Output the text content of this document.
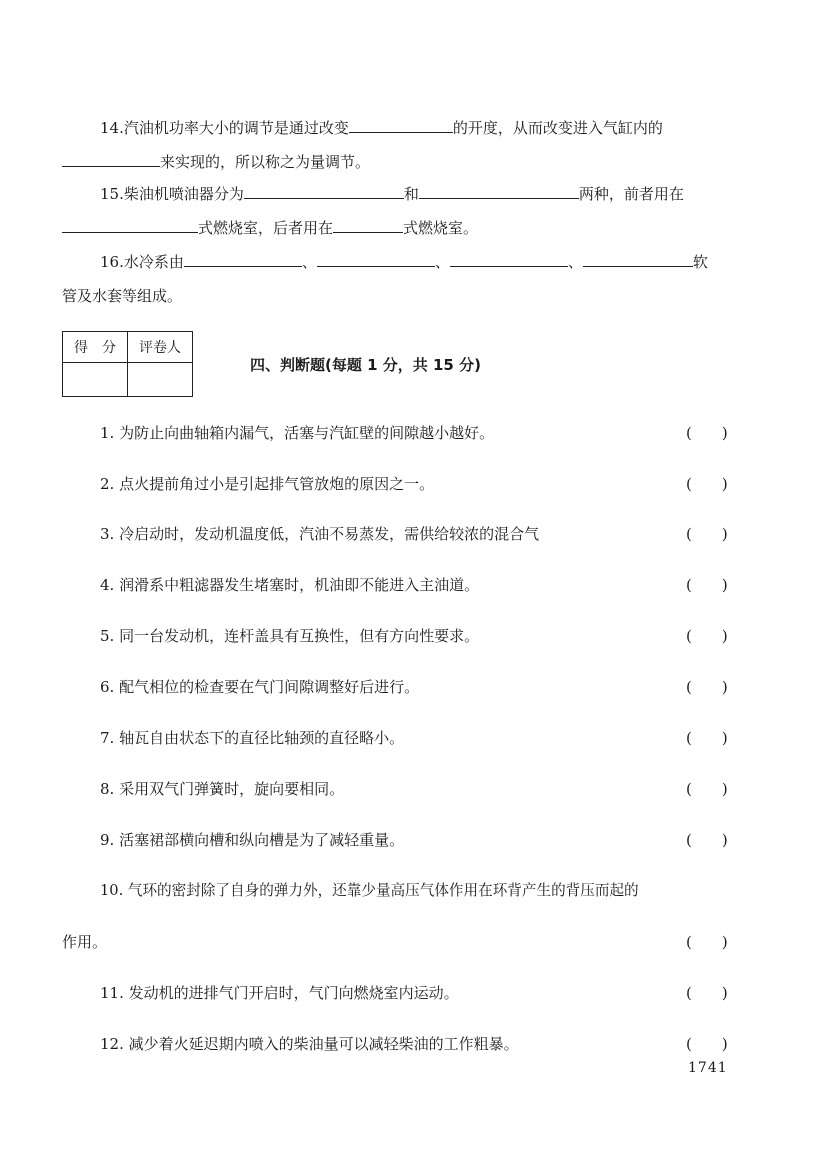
14.汽油机功率大小的调节是通过改变	的开度，从而改变进入气缸内的
来实现的，所以称之为量调节。
15.柴油机喷油器分为	和	两种，前者用在
式燃烧室，后者用在	式燃烧室。
16.水冷系由	、	、	、	软
管及水套等组成。
得　分	评卷人

四、判断题(每题 1 分，共 15 分)
1. 为防止向曲轴箱内漏气，活塞与汽缸壁的间隙越小越好。	(　　)
2. 点火提前角过小是引起排气管放炮的原因之一。	(　　)
3. 冷启动时，发动机温度低，汽油不易蒸发，需供给较浓的混合气	(　　)
4. 润滑系中粗滤器发生堵塞时，机油即不能进入主油道。	(　　)
5. 同一台发动机，连杆盖具有互换性，但有方向性要求。	(　　)
6. 配气相位的检查要在气门间隙调整好后进行。	(　　)
7. 轴瓦自由状态下的直径比轴颈的直径略小。	(　　)
8. 采用双气门弹簧时，旋向要相同。	(　　)
9. 活塞裙部横向槽和纵向槽是为了减轻重量。	(　　)
10. 气环的密封除了自身的弹力外，还靠少量高压气体作用在环背产生的背压而起的
作用。	(　　)
11. 发动机的进排气门开启时，气门向燃烧室内运动。	(　　)
12. 减少着火延迟期内喷入的柴油量可以减轻柴油的工作粗暴。	(　　)
1741
